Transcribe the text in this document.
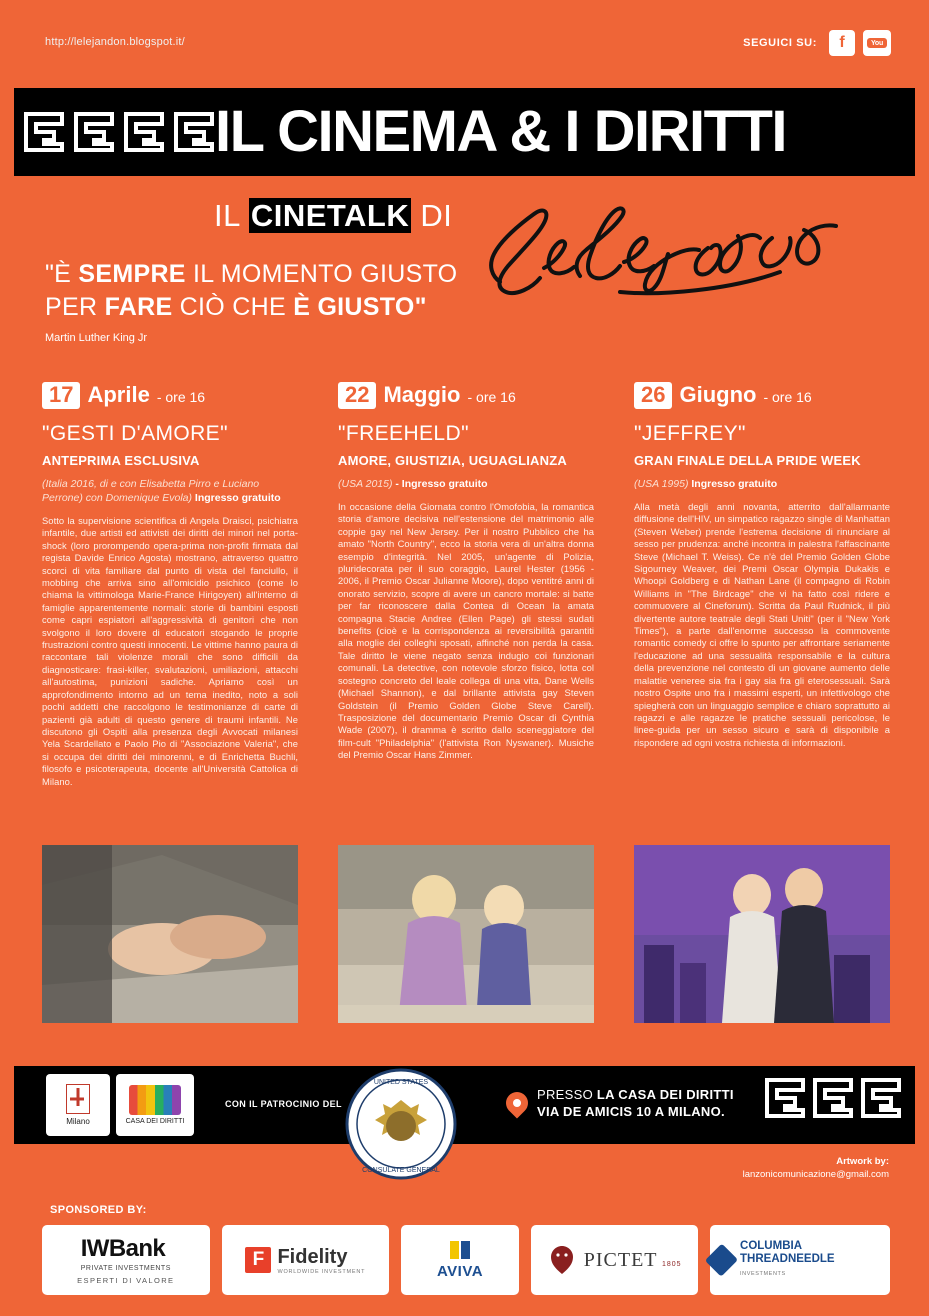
http://lelejandon.blogspot.it/	SEGUICI SU:	f	You
IL CINEMA & I DIRITTI
IL CINETALK DI
"È SEMPRE IL MOMENTO GIUSTO
PER FARE CIÒ CHE È GIUSTO"
Martin Luther King Jr
17 Aprile - ore 16
"GESTI D'AMORE"
ANTEPRIMA ESCLUSIVA
(Italia 2016, di e con Elisabetta Pirro e Luciano Perrone) con Domenique Evola) Ingresso gratuito
Sotto la supervisione scientifica di Angela Draisci, psichiatra infantile, due artisti ed attivisti dei diritti dei minori nel porta-shock (loro prorompendo opera-prima non-profit firmata dal regista Davide Enrico Agosta) mostrano, attraverso quattro scorci di vita familiare dal punto di vista del fanciullo, il mobbing che arriva sino all'omicidio psichico (come lo chiama la vittimologa Marie-France Hirigoyen) all'interno di famiglie apparentemente normali: storie di bambini esposti come capri espiatori all'aggressività di genitori che non svolgono il loro dovere di educatori stogando le proprie frustrazioni contro questi innocenti. Le vittime hanno paura di raccontare tali violenze morali che sono difficili da diagnosticare: frasi-killer, svalutazioni, umiliazioni, attacchi all'autostima, punizioni sadiche. Apriamo così un approfondimento intorno ad un tema inedito, noto a soli pochi addetti che raccolgono le testimonianze di carte di pazienti già adulti di questo genere di traumi infantili. Ne discutono gli Ospiti alla presenza degli Avvocati milanesi Yela Scardellato e Paolo Pio di "Associazione Valeria", che si occupa dei diritti dei minorenni, e di Enrichetta Buchli, filosofo e psicoterapeuta, docente all'Università Cattolica di Milano.
22 Maggio - ore 16
"FREEHELD"
AMORE, GIUSTIZIA, UGUAGLIANZA
(USA 2015) - Ingresso gratuito
In occasione della Giornata contro l'Omofobia, la romantica storia d'amore decisiva nell'estensione del matrimonio alle coppie gay nel New Jersey. Per il nostro Pubblico che ha amato "North Country", ecco la storia vera di un'altra donna esempio d'integrità. Nel 2005, un'agente di Polizia, pluridecorata per il suo coraggio, Laurel Hester (1956 - 2006, il Premio Oscar Julianne Moore), dopo ventitré anni di onorato servizio, scopre di avere un cancro mortale: si batte per far riconoscere dalla Contea di Ocean la amata compagna Stacie Andree (Ellen Page) gli stessi sudati benefits (cioè e la corrispondenza ai reversibilità garantiti alla moglie dei colleghi sposati, affinché non perda la casa. Tale diritto le viene negato senza indugio coi funzionari comunali. La detective, con notevole sforzo fisico, lotta col sostegno concreto del leale collega di una vita, Dane Wells (Michael Shannon), e dal brillante attivista gay Steven Goldstein (il Premio Golden Globe Steve Carell). Trasposizione del documentario Premio Oscar di Cynthia Wade (2007), il dramma è scritto dallo sceneggiatore del film-cult "Philadelphia" (l'attivista Ron Nyswaner). Musiche del Premio Oscar Hans Zimmer.
26 Giugno - ore 16
"JEFFREY"
GRAN FINALE DELLA PRIDE WEEK
(USA 1995) Ingresso gratuito
Alla metà degli anni novanta, atterrito dall'allarmante diffusione dell'HIV, un simpatico ragazzo single di Manhattan (Steven Weber) prende l'estrema decisione di rinunciare al sesso per prudenza: anché incontra in palestra l'affascinante Steve (Michael T. Weiss). Ce n'è del Premio Golden Globe Sigourney Weaver, dei Premi Oscar Olympia Dukakis e Whoopi Goldberg e di Nathan Lane (il compagno di Robin Williams in "The Birdcage" che vi ha fatto così ridere e commuovere al Cineforum). Scritta da Paul Rudnick, il più divertente autore teatrale degli Stati Uniti" (per il "New York Times"), a parte dall'enorme successo la commovente romantic comedy ci offre lo spunto per affrontare seriamente l'educazione ad una sessualità responsabile e la cultura della prevenzione nel contesto di un giovane aumento delle malattie veneree sia fra i gay sia fra gli eterosessuali. Sarà nostro Ospite uno fra i massimi esperti, un infettivologo che spiegherà con un linguaggio semplice e chiaro soprattutto ai ragazzi e alle ragazze le pratiche sessuali pericolose, le linee-guida per un sesso sicuro e sarà di disponibile a rispondere ad ogni vostra richiesta di informazioni.
Milano	CASA DEI DIRITTI
CON IL PATROCINIO DEL
UNITED STATES
CONSULATE GENERAL
PRESSO LA CASA DEI DIRITTI
VIA DE AMICIS 10 A MILANO.
Artwork by:
lanzonicomunicazione@gmail.com
SPONSORED BY:
IWBank
PRIVATE INVESTMENTS
ESPERTI DI VALORE
F Fidelity
WORLDWIDE INVESTMENT	AVIVA
PICTET 1805
COLUMBIA THREADNEEDLE
INVESTMENTS
